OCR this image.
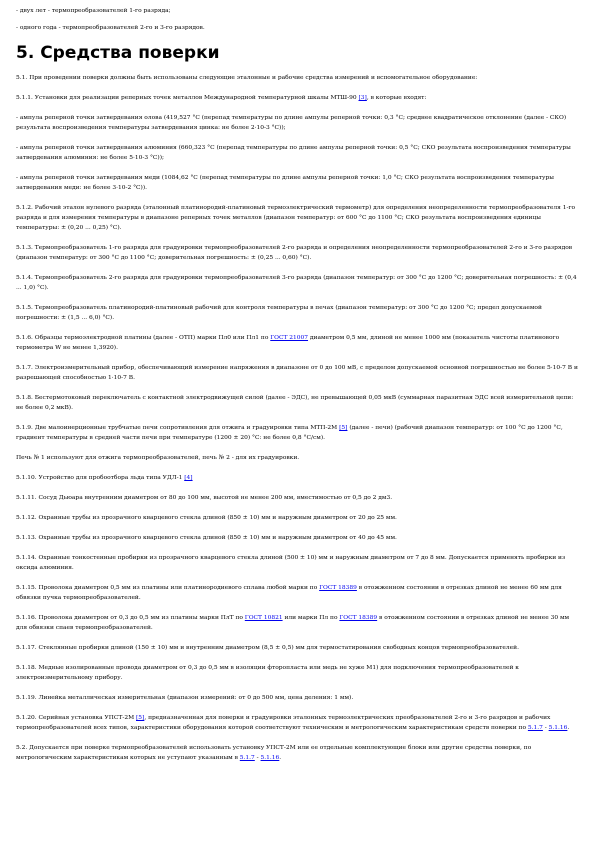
- двух лет - термопреобразователей 1-го разряда;

- одного года - термопреобразователей 2-го и 3-го разрядов.

5. Средства поверки

5.1. При проведении поверки должны быть использованы следующие эталонные и рабочие средства измерений и вспомогательное оборудование:

5.1.1. Установки для реализации реперных точек металлов Международной температурной шкалы МТШ-90 [3], в которые входят:

- ампула реперной точки затвердевания олова (419,527 °С (перепад температуры по длине ампулы реперной точки: 0,3 °С; среднее квадратическое отклонение (далее - СКО) результата воспроизведения температуры затвердевания цинка: не более 2·10-3 °С));

- ампула реперной точки затвердевания алюминия (660,323 °С (перепад температуры по длине ампулы реперной точки: 0,5 °С; СКО результата воспроизведения температуры затвердевания алюминия: не более 5·10-3 °С));

- ампула реперной точки затвердевания меди (1084,62 °С (перепад температуры по длине ампулы реперной точки: 1,0 °С; СКО результата воспроизведения температуры затвердевания меди: не более 3·10-2 °С)).

5.1.2. Рабочий эталон нулевого разряда (эталонный платинородий-платиновый термоэлектрический термометр) для определения неопределенности термопреобразователя 1-го разряда и для измерения температуры в диапазоне реперных точек металлов (диапазон температур: от 600 °С до 1100 °С; СКО результата воспроизведения единицы температуры: ± (0,20 ... 0,25) °С).

5.1.3. Термопреобразователь 1-го разряда для градуировки термопреобразователей 2-го разряда и определения неопределенности термопреобразователей 2-го и 3-го разрядов (диапазон температур: от 300 °С до 1100 °С; доверительная погрешность: ± (0,25 ... 0,60) °С).

5.1.4. Термопреобразователь 2-го разряда для градуировки термопреобразователей 3-го разряда (диапазон температур: от 300 °С до 1200 °С; доверительная погрешность: ± (0,4 ... 1,0) °С).

5.1.5. Термопреобразователь платинородий-платиновый рабочий для контроля температуры в печах (диапазон температур: от 300 °С до 1200 °С; предел допускаемой погрешности: ± (1,5 ... 6,0) °С).

5.1.6. Образцы термоэлектродной платины (далее - ОТП) марки Пл0 или Пл1 по ГОСТ 21007 диаметром 0,5 мм, длиной не менее 1000 мм (показатель чистоты платинового термометра W не менее 1,3920).

5.1.7. Электроизмерительный прибор, обеспечивающий измерение напряжения в диапазоне от 0 до 100 мВ, с пределом допускаемой основной погрешностью не более 5·10-7 В и разрешающей способностью 1·10-7 В.

5.1.8. Бестермотоковый переключатель с контактной электродвижущей силой (далее - ЭДС), не превышающей 0,05 мкВ (суммарная паразитная ЭДС всей измерительной цепи: не более 0,2 мкВ).

5.1.9. Две малоинерционные трубчатые печи сопротивления для отжига и градуировки типа МТП-2М [5] (далее - печи) (рабочий диапазон температур: от 100 °С до 1200 °С, градиент температуры в средней части печи при температуре (1200 ± 20) °С: не более 0,8 °С/см).

Печь № 1 используют для отжига термопреобразователей, печь № 2 - для их градуировки.

5.1.10. Устройство для пробоотбора льда типа УДЛ-1 [4]

5.1.11. Сосуд Дьюара внутренним диаметром от 80 до 100 мм, высотой не менее 200 мм, вместимостью от 0,5 до 2 дм3.

5.1.12. Охранные трубы из прозрачного кварцевого стекла длиной (850 ± 10) мм и наружным диаметром от 20 до 25 мм.

5.1.13. Охранные трубы из прозрачного кварцевого стекла длиной (850 ± 10) мм и наружным диаметром от 40 до 45 мм.

5.1.14. Охранные тонкостенные пробирки из прозрачного кварцевого стекла длиной (500 ± 10) мм и наружным диаметром от 7 до 8 мм. Допускается применять пробирки из оксида алюминия.

5.1.15. Проволока диаметром 0,5 мм из платины или платинородиевого сплава любой марки по ГОСТ 18389 в отожженном состоянии в отрезках длиной не менее 60 мм для обвязки пучка термопреобразователей.

5.1.16. Проволока диаметром от 0,3 до 0,5 мм из платины марки ПлТ по ГОСТ 10821 или марки Пл по ГОСТ 18389 в отожженном состоянии в отрезках длиной не менее 30 мм для обвязки спаев термопреобразователей.

5.1.17. Стеклянные пробирки длиной (150 ± 10) мм и внутренним диаметром (8,5 ± 0,5) мм для термостатирования свободных концов термопреобразователей.

5.1.18. Медные изолированные провода диаметром от 0,3 до 0,5 мм в изоляции фторопласта или медь не хуже М1) для подключения термопреобразователей к электроизмерительному прибору.

5.1.19. Линейка металлическая измерительная (диапазон измерений: от 0 до 500 мм, цена деления: 1 мм).

5.1.20. Серийная установка УПСТ-2М [5], предназначенная для поверки и градуировки эталонных термоэлектрических преобразователей 2-го и 3-го разрядов и рабочих термопреобразователей всех типов, характеристики оборудования которой соответствуют техническим и метрологическим характеристикам средств поверки по 5.1.7 - 5.1.16.

5.2. Допускается при поверке термопреобразователей использовать установку УПСТ-2М или ее отдельные комплектующие блоки или другие средства поверки, по метрологическим характеристикам которых не уступают указанным в 5.1.7 - 5.1.16.
